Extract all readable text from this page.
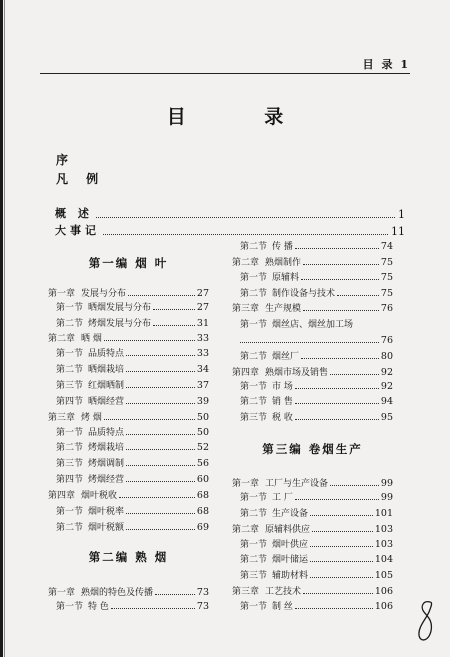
目 录 1
目 录
序
凡 例
概 述	1
大事记	11
第一编 烟 叶
第一章 发展与分布	27
第一节 晒烟发展与分布	27
第二节 烤烟发展与分布	31
第二章 晒 烟	33
第一节 品质特点	33
第二节 晒烟栽培	34
第三节 红烟晒制	37
第四节 晒烟经营	39
第三章 烤 烟	50
第一节 品质特点	50
第二节 烤烟栽培	52
第三节 烤烟调制	56
第四节 烤烟经营	60
第四章 烟叶税收	68
第一节 烟叶税率	68
第二节 烟叶税额	69
第二编 熟 烟
第一章 熟烟的特色及传播	73
第一节 特 色	73
第二节 传 播	74
第二章 熟烟制作	75
第一节 原辅料	75
第二节 制作设备与技术	75
第三章 生产规模	76
第一节 烟丝店、烟丝加工场
76
第二节 烟丝厂	80
第四章 熟烟市场及销售	92
第一节 市 场	92
第二节 销 售	94
第三节 税 收	95
第三编 卷烟生产
第一章 工厂与生产设备	99
第一节 工 厂	99
第二节 生产设备	101
第二章 原辅料供应	103
第一节 烟叶供应	103
第二节 烟叶储运	104
第三节 辅助材料	105
第三章 工艺技术	106
第一节 制 丝	106
